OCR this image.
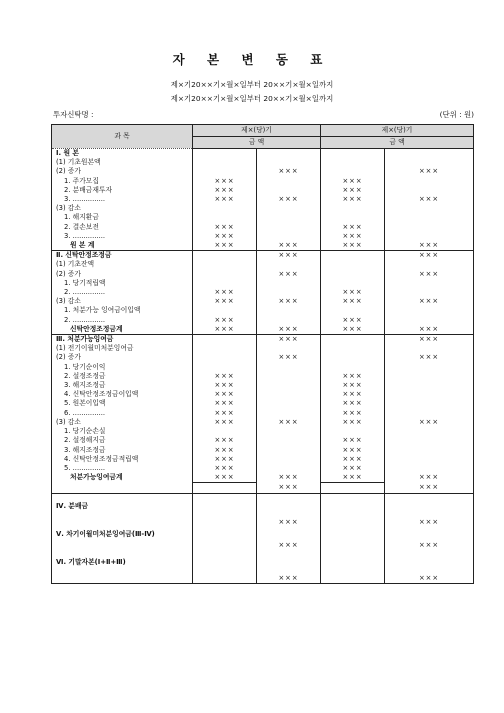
자 본 변 동 표
제×기20××기×월×일부터 20××기×월×일까지
제×기20××기×월×일부터 20××기×월×일까지
투자신탁명 :	(단위 : 원)
과 목	제×(당)기		제×(당)기	
	금 액		금 액	
Ⅰ. 원 본				
(1) 기초원본액				
(2) 증가		×××		×××
1. 주가모집	×××		×××	
2. 분배금재투자	×××		×××	
3. ...............	×××	×××	×××	×××
(3) 감소				
1. 해지환금				
2. 결손보전	×××		×××	
3. ...............	×××		×××	
원 본 계	×××	×××	×××	×××
Ⅱ. 신탁안정조정금		×××		×××
(1) 기초잔액				
(2) 증가		×××		×××
1. 당기적립액				
2. ...............	×××		×××	
(3) 감소	×××	×××	×××	×××
1. 처분가능 잉여금이입액				
2. ...............	×××		×××	
신탁안정조정금계	×××	×××	×××	×××
Ⅲ. 처분가능잉여금		×××		×××
(1) 전기이월미처분잉여금				
(2) 증가		×××		×××
1. 당기순이익				
2. 설정조정금	×××		×××	
3. 해지조정금	×××		×××	
4. 신탁안정조정금이입액	×××		×××	
5. 원본이입액	×××		×××	
6. ...............	×××		×××	
(3) 감소	×××	×××	×××	×××
1. 당기순손실				
2. 설정해지금	×××		×××	
3. 해지조정금	×××		×××	
4. 신탁안정조정금적립액	×××		×××	
5. ...............	×××		×××	
처분가능잉여금계	×××	×××	×××	×××
		×××		×××
Ⅳ. 분배금				
		×××		×××
Ⅴ. 차기이월미처분잉여금(Ⅲ-Ⅳ)				
		×××		×××
Ⅵ. 기말자본(Ⅰ+Ⅱ+Ⅲ)				
		×××		×××
